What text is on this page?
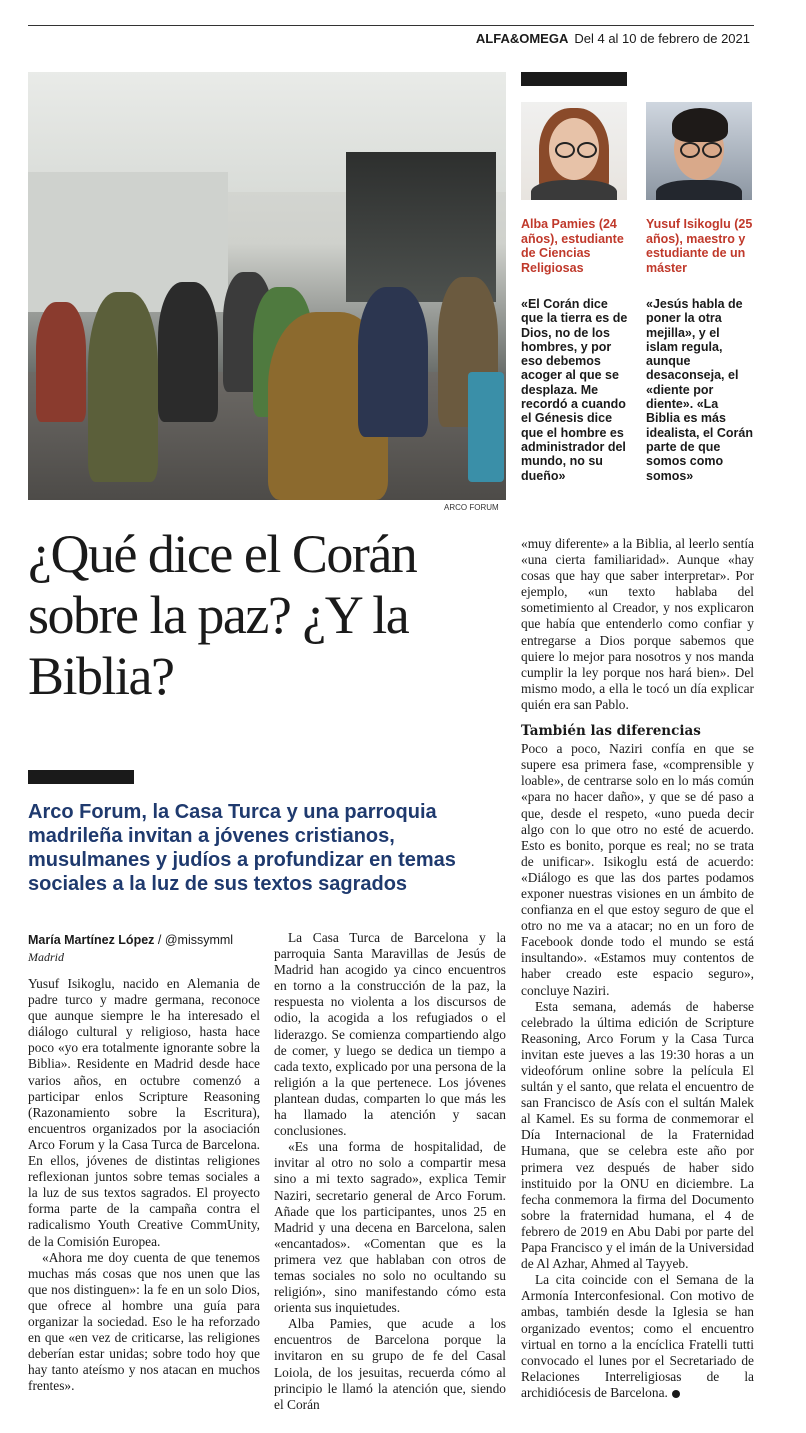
ALFA&OMEGA Del 4 al 10 de febrero de 2021
ARCO FORUM
Alba Pamies (24 años), estudiante de Ciencias Religiosas
Yusuf Isikoglu (25 años), maestro y estudiante de un máster
«El Corán dice que la tierra es de Dios, no de los hombres, y por eso debemos acoger al que se desplaza. Me recordó a cuando el Génesis dice que el hombre es administrador del mundo, no su dueño»
«Jesús habla de poner la otra mejilla», y el islam regula, aunque desaconseja, el «diente por diente». «La Biblia es más idealista, el Corán parte de que somos como somos»
¿Qué dice el Corán sobre la paz? ¿Y la Biblia?
Arco Forum, la Casa Turca y una parroquia madrileña invitan a jóvenes cristianos, musulmanes y judíos a profundizar en temas sociales a la luz de sus textos sagrados
María Martínez López / @missymml
Madrid

Yusuf Isikoglu, nacido en Alemania de padre turco y madre germana, reconoce que aunque siempre le ha interesado el diálogo cultural y religioso, hasta hace poco «yo era totalmente ignorante sobre la Biblia». Residente en Madrid desde hace varios años, en octubre comenzó a participar enlos Scripture Reasoning (Razonamiento sobre la Escritura), encuentros organizados por la asociación Arco Forum y la Casa Turca de Barcelona. En ellos, jóvenes de distintas religiones reflexionan juntos sobre temas sociales a la luz de sus textos sagrados. El proyecto forma parte de la campaña contra el radicalismo Youth Creative CommUnity, de la Comisión Europea.

«Ahora me doy cuenta de que tenemos muchas más cosas que nos unen que las que nos distinguen»: la fe en un solo Dios, que ofrece al hombre una guía para organizar la sociedad. Eso le ha reforzado en que «en vez de criticarse, las religiones deberían estar unidas; sobre todo hoy que hay tanto ateísmo y nos atacan en muchos frentes».

La Casa Turca de Barcelona y la parroquia Santa Maravillas de Jesús de Madrid han acogido ya cinco encuentros en torno a la construcción de la paz, la respuesta no violenta a los discursos de odio, la acogida a los refugiados o el liderazgo. Se comienza compartiendo algo de comer, y luego se dedica un tiempo a cada texto, explicado por una persona de la religión a la que pertenece. Los jóvenes plantean dudas, comparten lo que más les ha llamado la atención y sacan conclusiones.

«Es una forma de hospitalidad, de invitar al otro no solo a compartir mesa sino a mi texto sagrado», explica Temir Naziri, secretario general de Arco Forum. Añade que los participantes, unos 25 en Madrid y una decena en Barcelona, salen «encantados». «Comentan que es la primera vez que hablaban con otros de temas sociales no solo no ocultando su religión», sino manifestando cómo esta orienta sus inquietudes.

Alba Pamies, que acude a los encuentros de Barcelona porque la invitaron en su grupo de fe del Casal Loiola, de los jesuitas, recuerda cómo al principio le llamó la atención que, siendo el Corán

«muy diferente» a la Biblia, al leerlo sentía «una cierta familiaridad». Aunque «hay cosas que hay que saber interpretar». Por ejemplo, «un texto hablaba del sometimiento al Creador, y nos explicaron que había que entenderlo como confiar y entregarse a Dios porque sabemos que quiere lo mejor para nosotros y nos manda cumplir la ley porque nos hará bien». Del mismo modo, a ella le tocó un día explicar quién era san Pablo.

También las diferencias

Poco a poco, Naziri confía en que se supere esa primera fase, «comprensible y loable», de centrarse solo en lo más común «para no hacer daño», y que se dé paso a que, desde el respeto, «uno pueda decir algo con lo que otro no esté de acuerdo. Esto es bonito, porque es real; no se trata de unificar». Isikoglu está de acuerdo: «Diálogo es que las dos partes podamos exponer nuestras visiones en un ámbito de confianza en el que estoy seguro de que el otro no me va a atacar; no en un foro de Facebook donde todo el mundo se está insultando». «Estamos muy contentos de haber creado este espacio seguro», concluye Naziri.

Esta semana, además de haberse celebrado la última edición de Scripture Reasoning, Arco Forum y la Casa Turca invitan este jueves a las 19:30 horas a un videofórum online sobre la película El sultán y el santo, que relata el encuentro de san Francisco de Asís con el sultán Malek al Kamel. Es su forma de conmemorar el Día Internacional de la Fraternidad Humana, que se celebra este año por primera vez después de haber sido instituido por la ONU en diciembre. La fecha conmemora la firma del Documento sobre la fraternidad humana, el 4 de febrero de 2019 en Abu Dabi por parte del Papa Francisco y el imán de la Universidad de Al Azhar, Ahmed al Tayyeb.

La cita coincide con el Semana de la Armonía Interconfesional. Con motivo de ambas, también desde la Iglesia se han organizado eventos; como el encuentro virtual en torno a la encíclica Fratelli tutti convocado el lunes por el Secretariado de Relaciones Interreligiosas de la archidiócesis de Barcelona.
